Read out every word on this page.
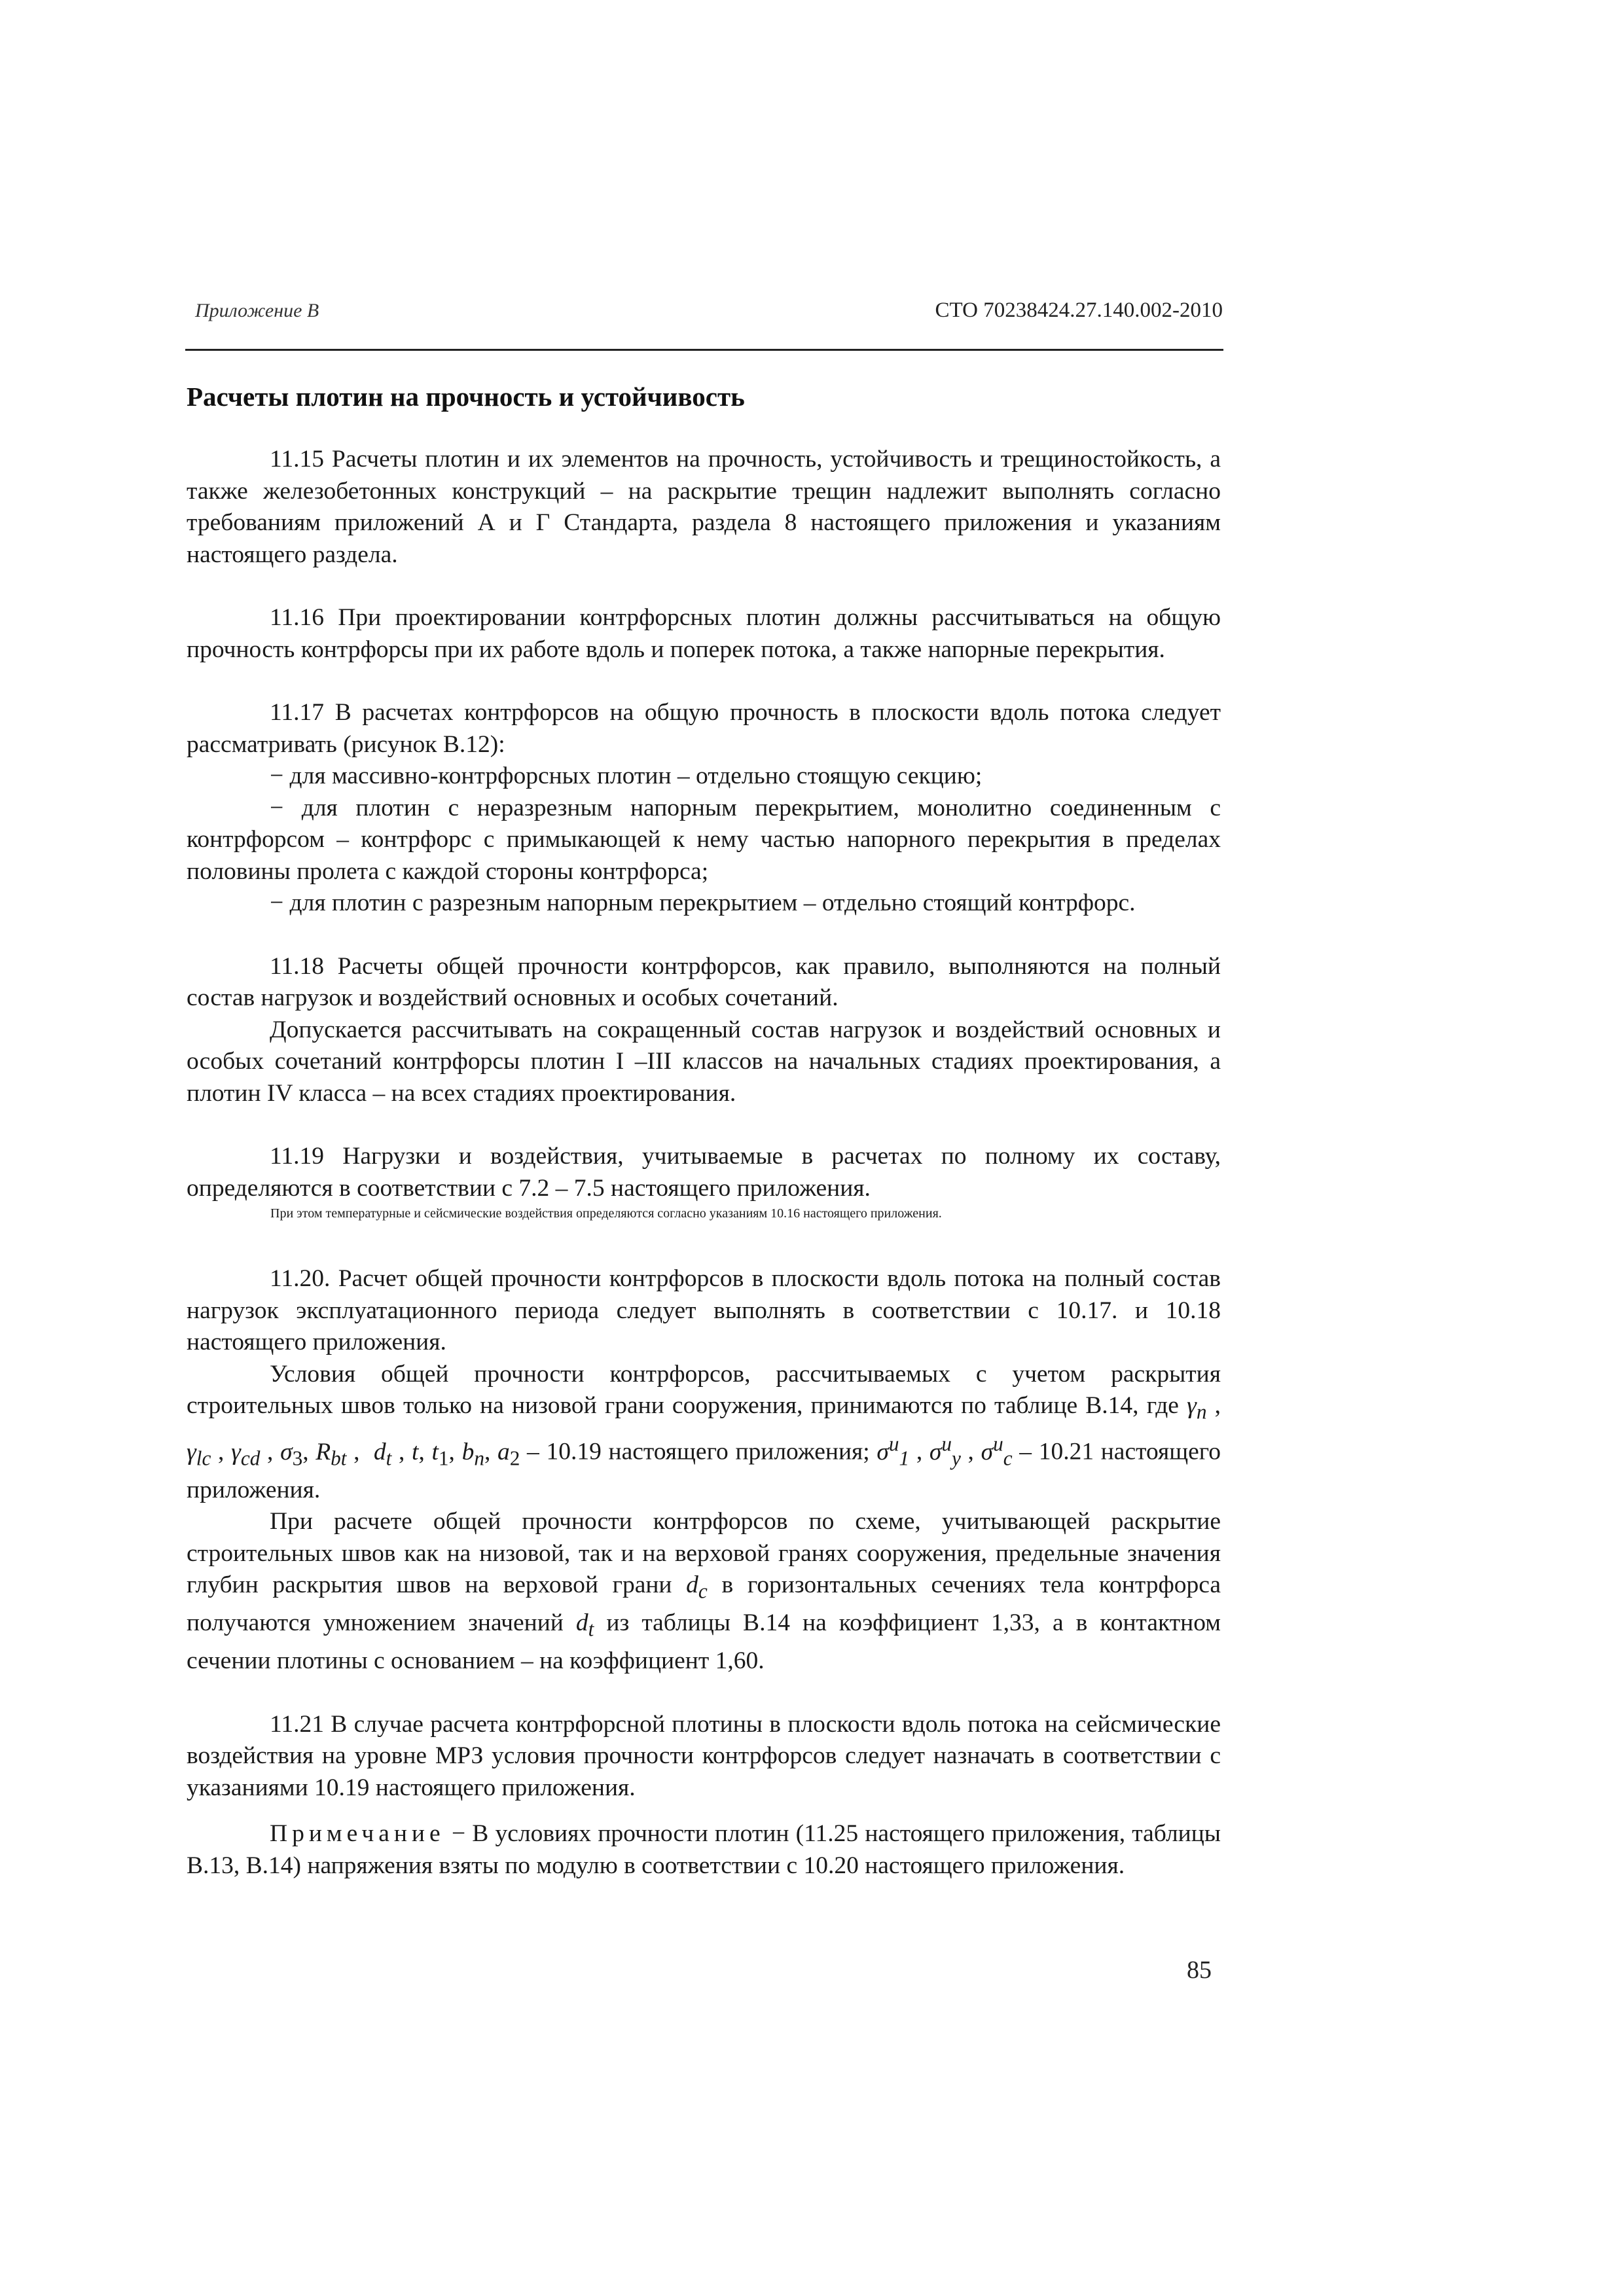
Приложение В	СТО 70238424.27.140.002-2010
Расчеты плотин на прочность и устойчивость

11.15 Расчеты плотин и их элементов на прочность, устойчивость и трещиностойкость, а также железобетонных конструкций – на раскрытие трещин надлежит выполнять согласно требованиям приложений А и Г Стандарта, раздела 8 настоящего приложения и указаниям настоящего раздела.

11.16 При проектировании контрфорсных плотин должны рассчитываться на общую прочность контрфорсы при их работе вдоль и поперек потока, а также напорные перекрытия.

11.17 В расчетах контрфорсов на общую прочность в плоскости вдоль потока следует рассматривать (рисунок В.12):

− для массивно-контрфорсных плотин – отдельно стоящую секцию;

− для плотин с неразрезным напорным перекрытием, монолитно соединенным с контрфорсом – контрфорс с примыкающей к нему частью напорного перекрытия в пределах половины пролета с каждой стороны контрфорса;

− для плотин с разрезным напорным перекрытием – отдельно стоящий контрфорс.

11.18 Расчеты общей прочности контрфорсов, как правило, выполняются на полный состав нагрузок и воздействий основных и особых сочетаний.

Допускается рассчитывать на сокращенный состав нагрузок и воздействий основных и особых сочетаний контрфорсы плотин I –III классов на начальных стадиях проектирования, а плотин IV класса – на всех стадиях проектирования.

11.19 Нагрузки и воздействия, учитываемые в расчетах по полному их составу, определяются в соответствии с 7.2 – 7.5 настоящего приложения.

При этом температурные и сейсмические воздействия определяются согласно указаниям 10.16 настоящего приложения.

11.20. Расчет общей прочности контрфорсов в плоскости вдоль потока на полный состав нагрузок эксплуатационного периода следует выполнять в соответствии с 10.17. и 10.18 настоящего приложения.

Условия общей прочности контрфорсов, рассчитываемых с учетом раскрытия строительных швов только на низовой грани сооружения, принимаются по таблице В.14, где $\gamma_n$ , $\gamma_{lc}$ , $\gamma_{cd}$ , $\sigma_3$, $R_{bt}$ ,  $d_t$ , t, $t_1$, $b_n$, $a_2 - 10.19$ настоящего приложения; $\sigma^u_1$ , $\sigma^u_y$ , $\sigma^u_c - 10.21$ настоящего приложения.

При расчете общей прочности контрфорсов по схеме, учитывающей раскрытие строительных швов как на низовой, так и на верховой гранях сооружения, предельные значения глубин раскрытия швов на верховой грани $d_c$ в горизонтальных сечениях тела контрфорса получаются умножением значений $d_t$ из таблицы В.14 на коэффициент 1,33, а в контактном сечении плотины с основанием – на коэффициент 1,60.

11.21 В случае расчета контрфорсной плотины в плоскости вдоль потока на сейсмические воздействия на уровне МРЗ условия прочности контрфорсов следует назначать в соответствии с указаниями 10.19 настоящего приложения.

Примечание − В условиях прочности плотин (11.25 настоящего приложения, таблицы В.13, В.14) напряжения взяты по модулю в соответствии с 10.20 настоящего приложения.

85
